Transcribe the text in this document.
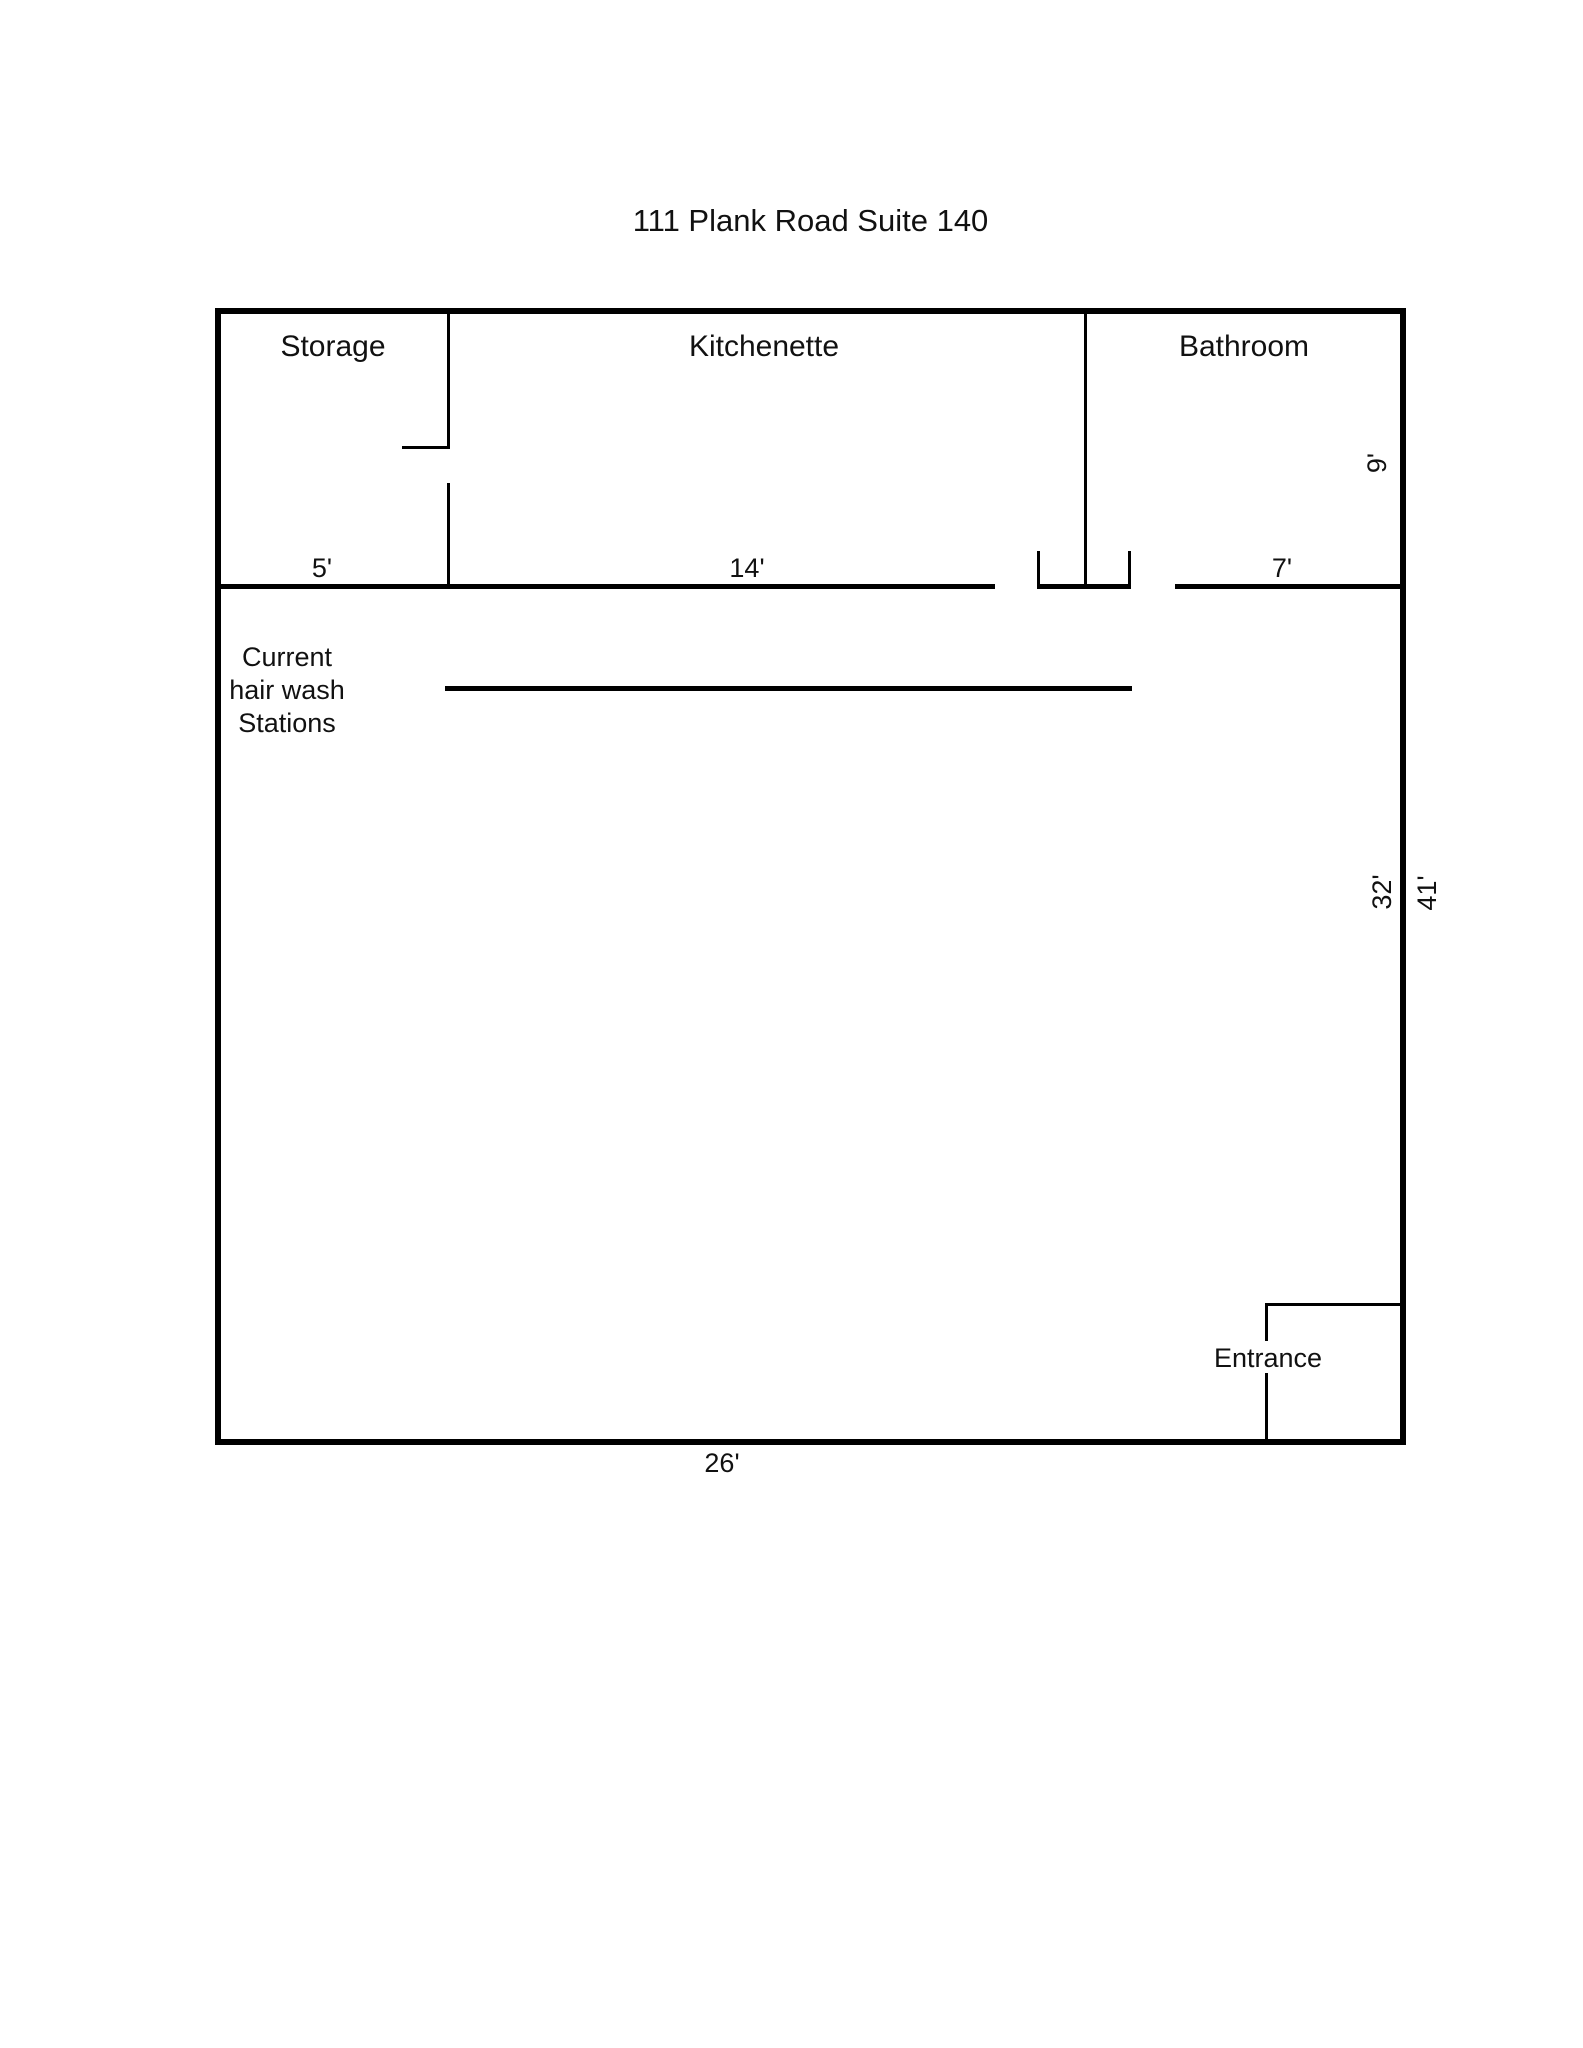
111 Plank Road Suite 140
Storage	Kitchenette	Bathroom
5'	14'	7'
26'
9'
32' 41'
Current
hair wash
Stations
Entrance
